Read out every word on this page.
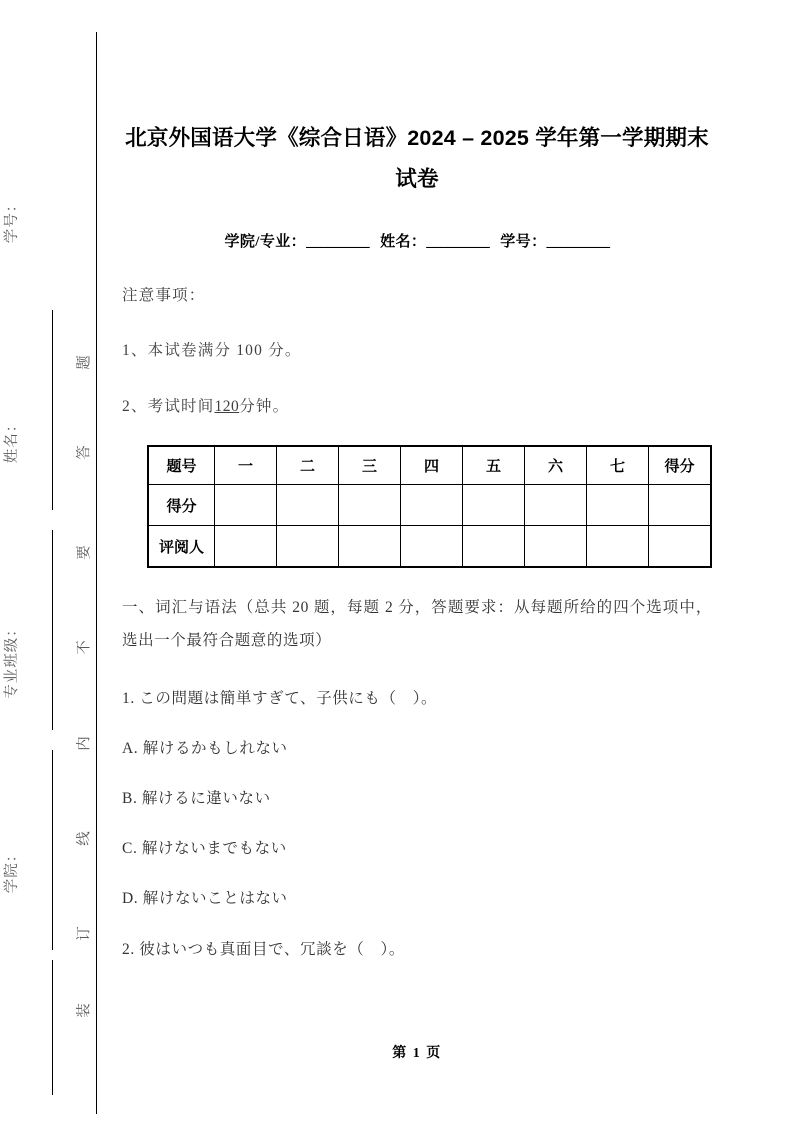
学号：
姓名：
专业班级：
学院：
题
答
要
不
内
线
订
装
北京外国语大学《综合日语》2024 – 2025 学年第一学期期末试卷
学院/专业：_________ 姓名：_________ 学号：_________

注意事项：

1、本试卷满分 100 分。

2、考试时间120分钟。

题号	一	二	三	四	五	六	七	得分
得分								
评阅人								

一、词汇与语法（总共 20 题，每题 2 分，答题要求：从每题所给的四个选项中，选出一个最符合题意的选项）

1. この問題は簡単すぎて、子供にも（　）。

A. 解けるかもしれない

B. 解けるに違いない

C. 解けないまでもない

D. 解けないことはない

2. 彼はいつも真面目で、冗談を（　）。

第 1 页
